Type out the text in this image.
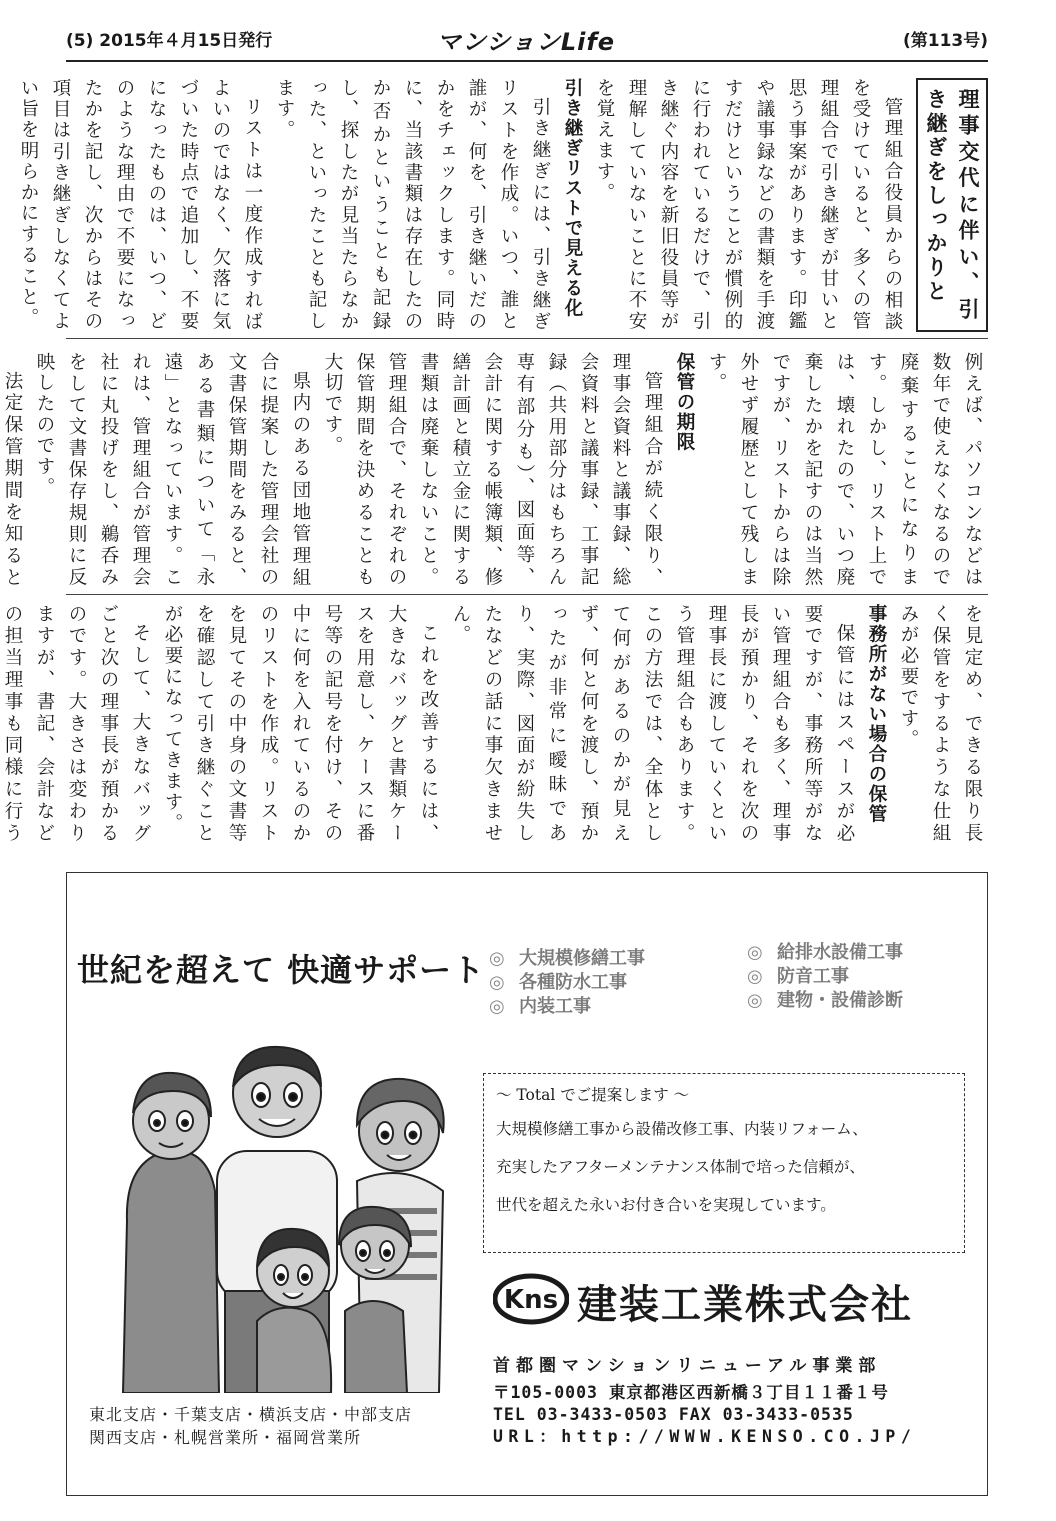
(5) 2015年４月15日発行	マンションLife	(第113号)
理事交代に伴い、引き継ぎをしっかりと

管理組合役員からの相談を受けていると、多くの管理組合で引き継ぎが甘いと思う事案があります。印鑑や議事録などの書類を手渡すだけということが慣例的に行われているだけで、引き継ぐ内容を新旧役員等が理解していないことに不安を覚えます。

引き継ぎリストで見える化

引き継ぎには、引き継ぎリストを作成。いつ、誰と誰が、何を、引き継いだのかをチェックします。同時に、当該書類は存在したのか否かということも記録し、探したが見当たらなかった、といったことも記します。

リストは一度作成すればよいのではなく、欠落に気づいた時点で追加し、不要になったものは、いつ、どのような理由で不要になったかを記し、次からはその項目は引き継ぎしなくてよい旨を明らかにすること。

例えば、パソコンなどは数年で使えなくなるので廃棄することになります。しかし、リスト上では、壊れたので、いつ廃棄したかを記すのは当然ですが、リストからは除外せず履歴として残します。

保管の期限

管理組合が続く限り、理事会資料と議事録、総会資料と議事録、工事記録（共用部分はもちろん専有部分も）、図面等、会計に関する帳簿類、修繕計画と積立金に関する書類は廃棄しないこと。管理組合で、それぞれの保管期間を決めることも大切です。

県内のある団地管理組合に提案した管理会社の文書保管期間をみると、ある書類について「永遠」となっています。これは、管理組合が管理会社に丸投げをし、鵜呑みをして文書保存規則に反映したのです。

法定保管期間を知ると

を見定め、できる限り長く保管をするような仕組みが必要です。

事務所がない場合の保管

保管にはスペースが必要ですが、事務所等がない管理組合も多く、理事長が預かり、それを次の理事長に渡していくという管理組合もあります。この方法では、全体として何があるのかが見えず、何と何を渡し、預かったが非常に曖昧であり、実際、図面が紛失したなどの話に事欠きません。

これを改善するには、大きなバッグと書類ケースを用意し、ケースに番号等の記号を付け、その中に何を入れているのかのリストを作成。リストを見てその中身の文書等を確認して引き継ぐことが必要になってきます。

そして、大きなバッグごと次の理事長が預かるのです。大きさは変わりますが、書記、会計などの担当理事も同様に行う

世紀を超えて 快適サポート ◎ 大規模修繕工事
◎ 各種防水工事
◎ 内装工事
◎ 給排水設備工事
◎ 防音工事
◎ 建物・設備診断
東北支店・千葉支店・横浜支店・中部支店
関西支店・札幌営業所・福岡営業所
～ Total でご提案します ～
大規模修繕工事から設備改修工事、内装リフォーム、
充実したアフターメンテナンス体制で培った信頼が、
世代を超えた永いお付き合いを実現しています。
Kns 建装工業株式会社
首都圏マンションリニューアル事業部
〒105-0003 東京都港区西新橋３丁目１１番１号
TEL 03-3433-0503 FAX 03-3433-0535
URL：http://WWW.KENSO.CO.JP/
